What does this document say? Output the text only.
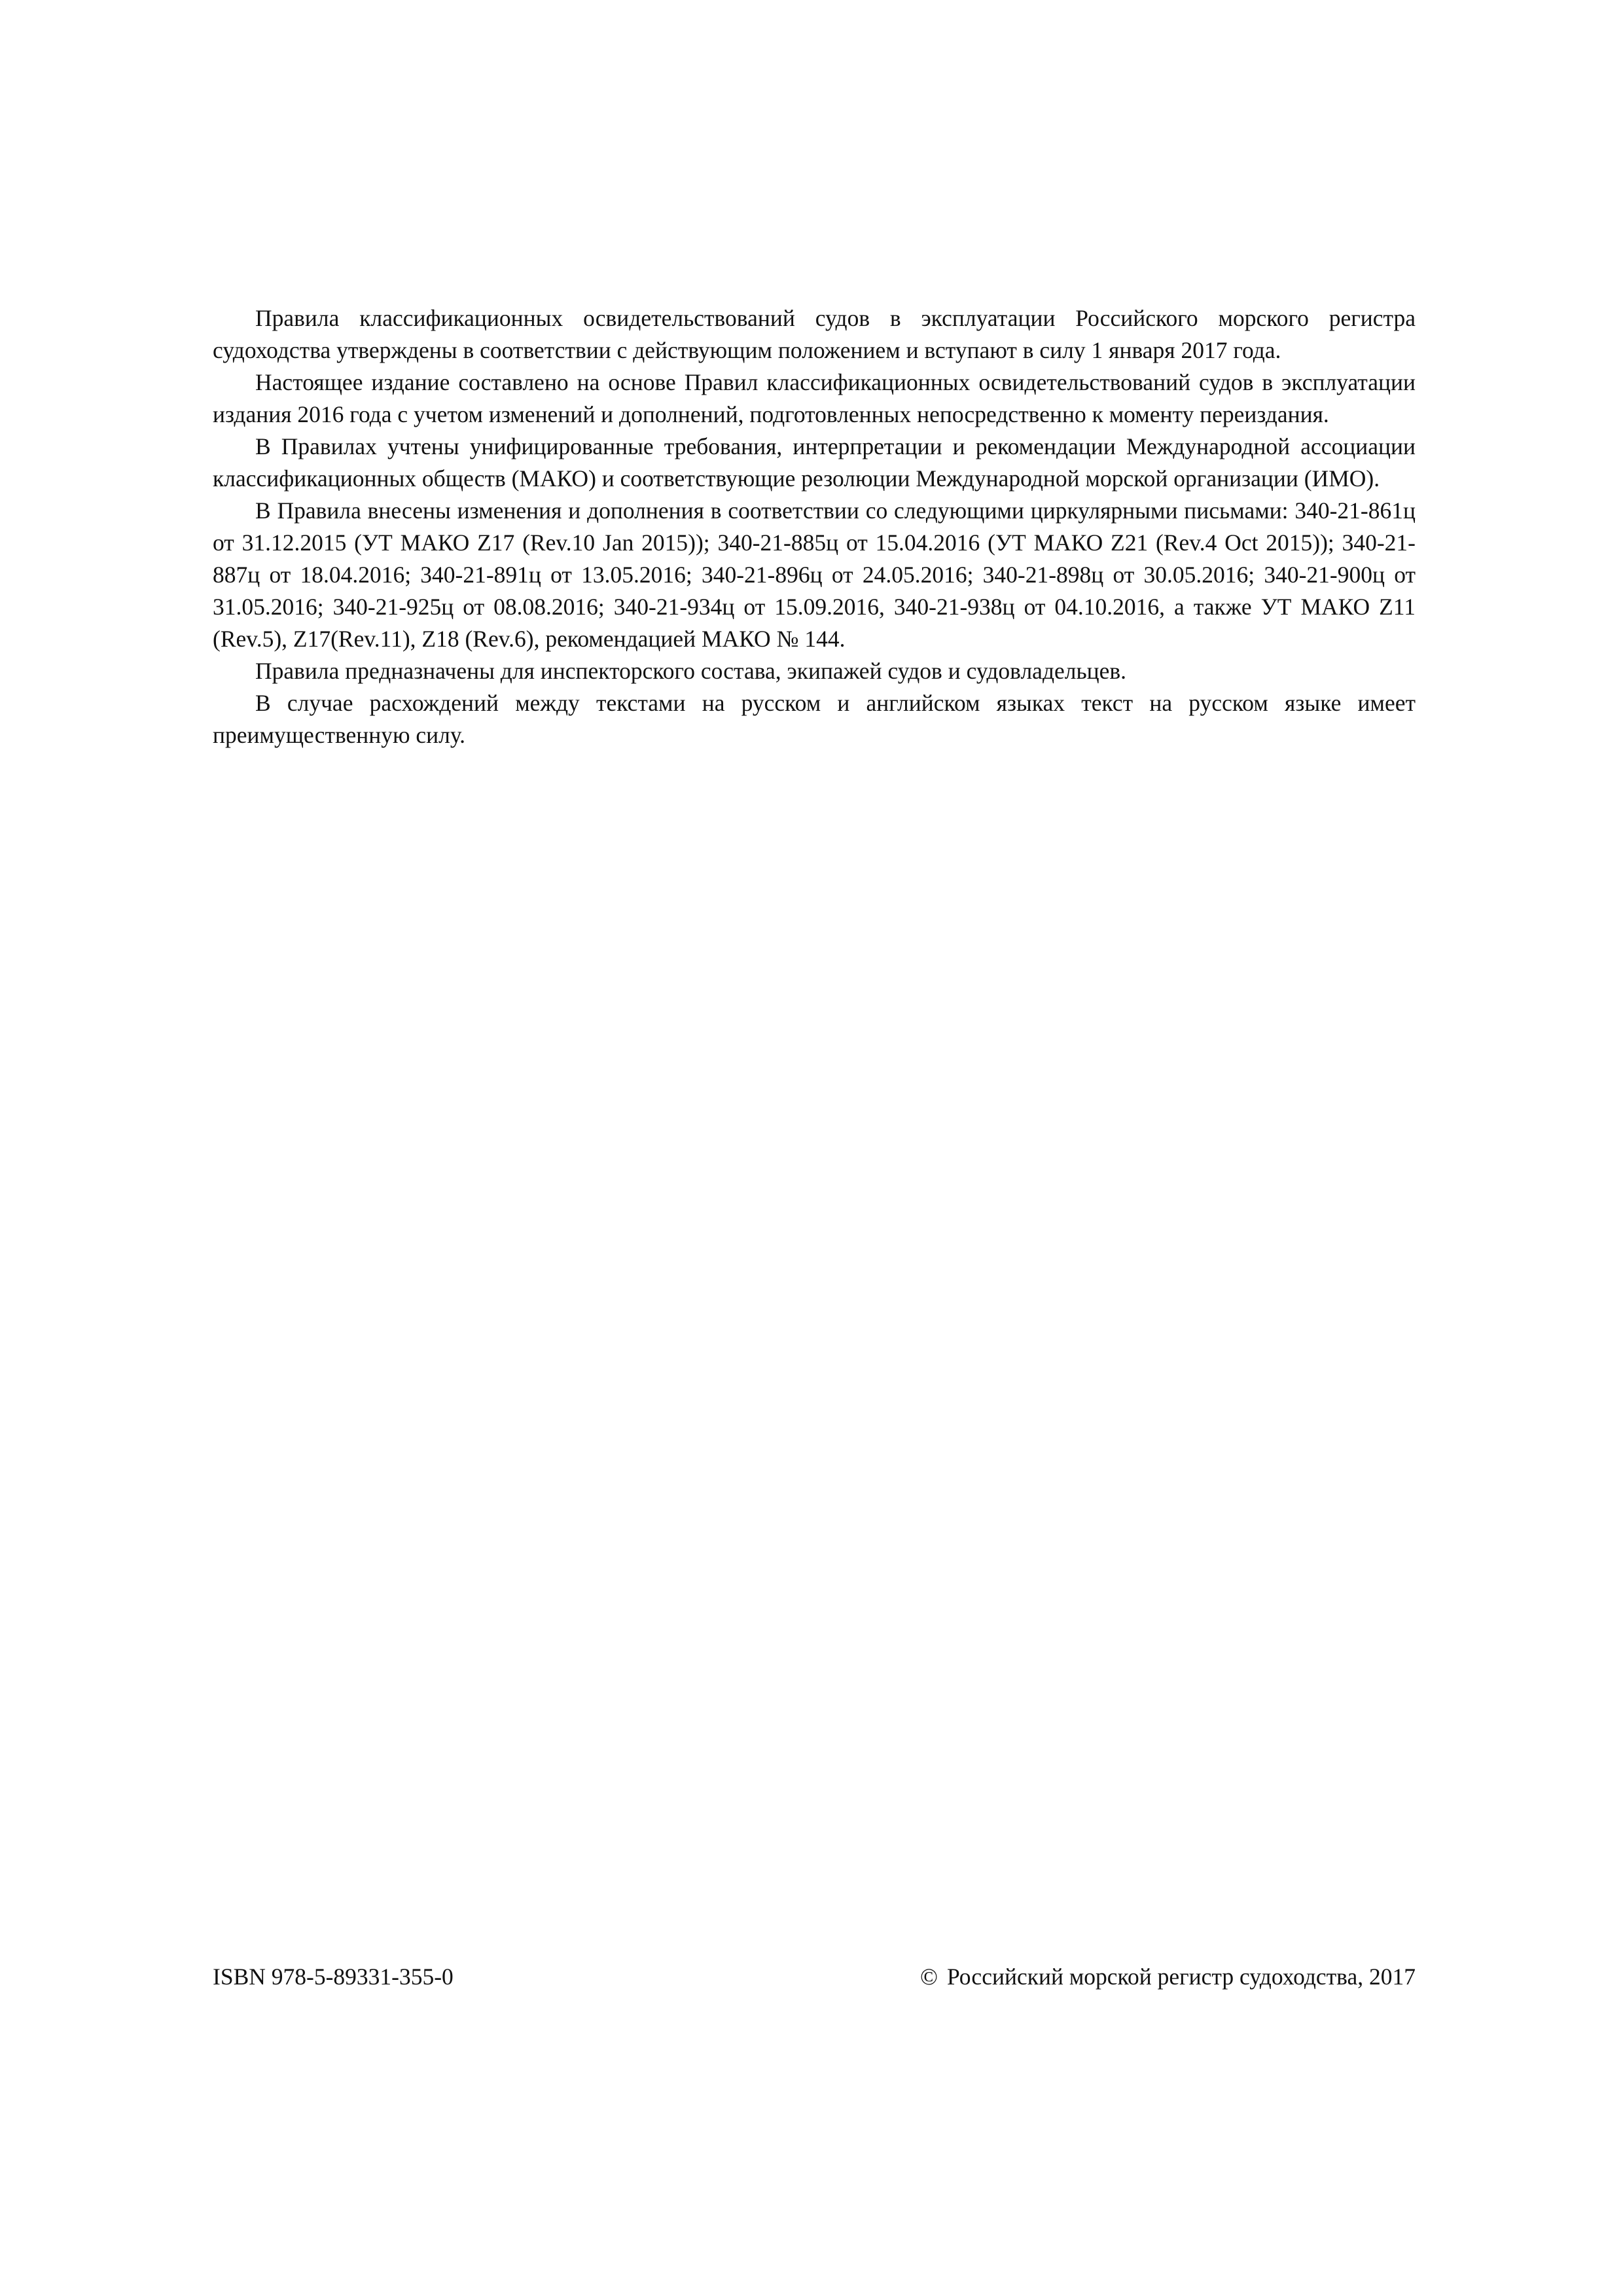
Правила классификационных освидетельствований судов в эксплуатации Российского морского регистра судоходства утверждены в соответствии с действующим положением и вступают в силу 1 января 2017 года.

Настоящее издание составлено на основе Правил классификационных освидетельствований судов в эксплуатации издания 2016 года с учетом изменений и дополнений, подготовленных непосредственно к моменту переиздания.

В Правилах учтены унифицированные требования, интерпретации и рекомендации Международной ассоциации классификационных обществ (МАКО) и соответствующие резолюции Международной морской организации (ИМО).

В Правила внесены изменения и дополнения в соответствии со следующими циркулярными письмами: 340-21-861ц от 31.12.2015 (УТ МАКО Z17 (Rev.10 Jan 2015)); 340-21-885ц от 15.04.2016 (УТ МАКО Z21 (Rev.4 Oct 2015)); 340-21-887ц от 18.04.2016; 340-21-891ц от 13.05.2016; 340-21-896ц от 24.05.2016; 340-21-898ц от 30.05.2016; 340-21-900ц от 31.05.2016; 340-21-925ц от 08.08.2016; 340-21-934ц от 15.09.2016, 340-21-938ц от 04.10.2016, а также УТ МАКО Z11 (Rev.5), Z17(Rev.11), Z18 (Rev.6), рекомендацией МАКО № 144.

Правила предназначены для инспекторского состава, экипажей судов и судовладельцев.

В случае расхождений между текстами на русском и английском языках текст на русском языке имеет преимущественную силу.

ISBN 978-5-89331-355-0	© Российский морской регистр судоходства, 2017
